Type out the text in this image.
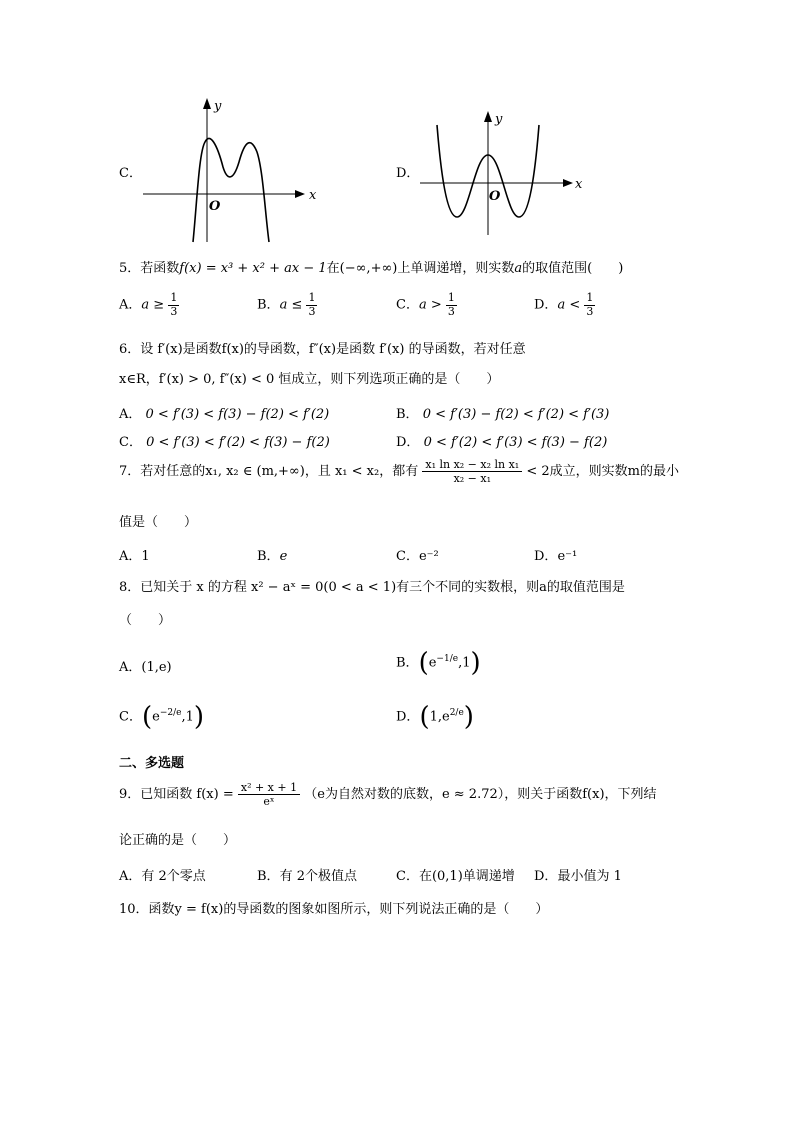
C．
y
x
O
D．
y
x
O
5．若函数f(x) = x³ + x² + ax − 1在(−∞,+∞)上单调递增，则实数a的取值范围(　　)
A．$a \ge \frac{1}{3}$	B．$a \le \frac{1}{3}$	C．$a > \frac{1}{3}$	D．$a < \frac{1}{3}$
6．设 f′(x)是函数f(x)的导函数，f″(x)是函数 f′(x) 的导函数，若对任意
x∈R，f′(x) > 0, f″(x) < 0 恒成立，则下列选项正确的是（　　）
A． 0 < f′(3) < f(3) − f(2) < f′(2)	B． 0 < f′(3) − f(2) < f′(2) < f′(3)
C． 0 < f′(3) < f′(2) < f(3) − f(2)	D． 0 < f′(2) < f′(3) < f(3) − f(2)
7．若对任意的x₁, x₂ ∈ (m,+∞)，且 x₁ < x₂，都有 $\frac{\text{x₁ ln x₂ − x₂ ln x₁}}{\text{x₂ − x₁}} < 2$成立，则实数m的最小
值是（　　）
A．1	B．e	C．e⁻²	D．e⁻¹
8．已知关于 x 的方程 x² − aˣ = 0(0 < a < 1)有三个不同的实数根，则a的取值范围是
（　　）
A．(1,e)	B．$(e^{-1/e},1)$
C．$(e^{-2/e},1)$	D．$(1,e^{2/e})$
二、多选题
9．已知函数 $f(x) = \frac{\text{x² + x + 1}}{\text{eˣ}} (e$为自然对数的底数，e ≈ 2.72），则关于函数f(x)，下列结
论正确的是（　　）
A．有 2个零点	B．有 2个极值点	C．在(0,1)单调递增 D．最小值为 1
10．函数y = f(x)的导函数的图象如图所示，则下列说法正确的是（　　）
